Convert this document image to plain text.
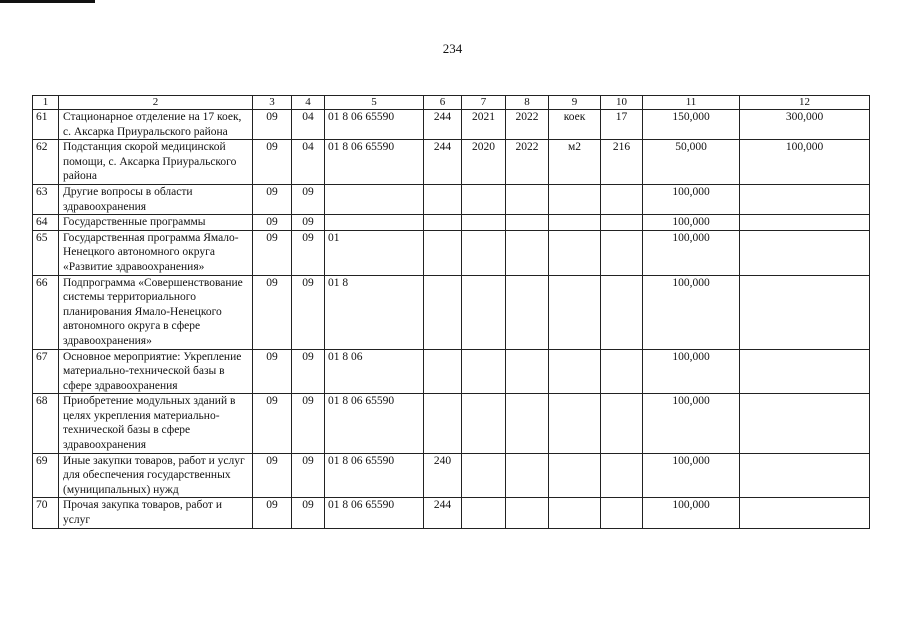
234
1	2	3	4	5	6	7	8	9	10	11	12
61	Стационарное отделение на 17 коек, с. Аксарка Приуральского района	09	04	01 8 06 65590	244	2021	2022	коек	17	150,000	300,000
62	Подстанция скорой медицинской помощи, с. Аксарка Приуральского района	09	04	01 8 06 65590	244	2020	2022	м2	216	50,000	100,000
63	Другие вопросы в области здравоохранения	09	09							100,000	
64	Государственные программы	09	09							100,000	
65	Государственная программа Ямало-Ненецкого автономного округа «Развитие здравоохранения»	09	09	01						100,000	
66	Подпрограмма «Совершенствование системы территориального планирования Ямало-Ненецкого автономного округа в сфере здравоохранения»	09	09	01 8						100,000	
67	Основное мероприятие: Укрепление материально-технической базы в сфере здравоохранения	09	09	01 8 06						100,000	
68	Приобретение модульных зданий в целях укрепления материально-технической базы в сфере здравоохранения	09	09	01 8 06 65590						100,000	
69	Иные закупки товаров, работ и услуг для обеспечения государственных (муниципальных) нужд	09	09	01 8 06 65590	240					100,000	
70	Прочая закупка товаров, работ и услуг	09	09	01 8 06 65590	244					100,000	
